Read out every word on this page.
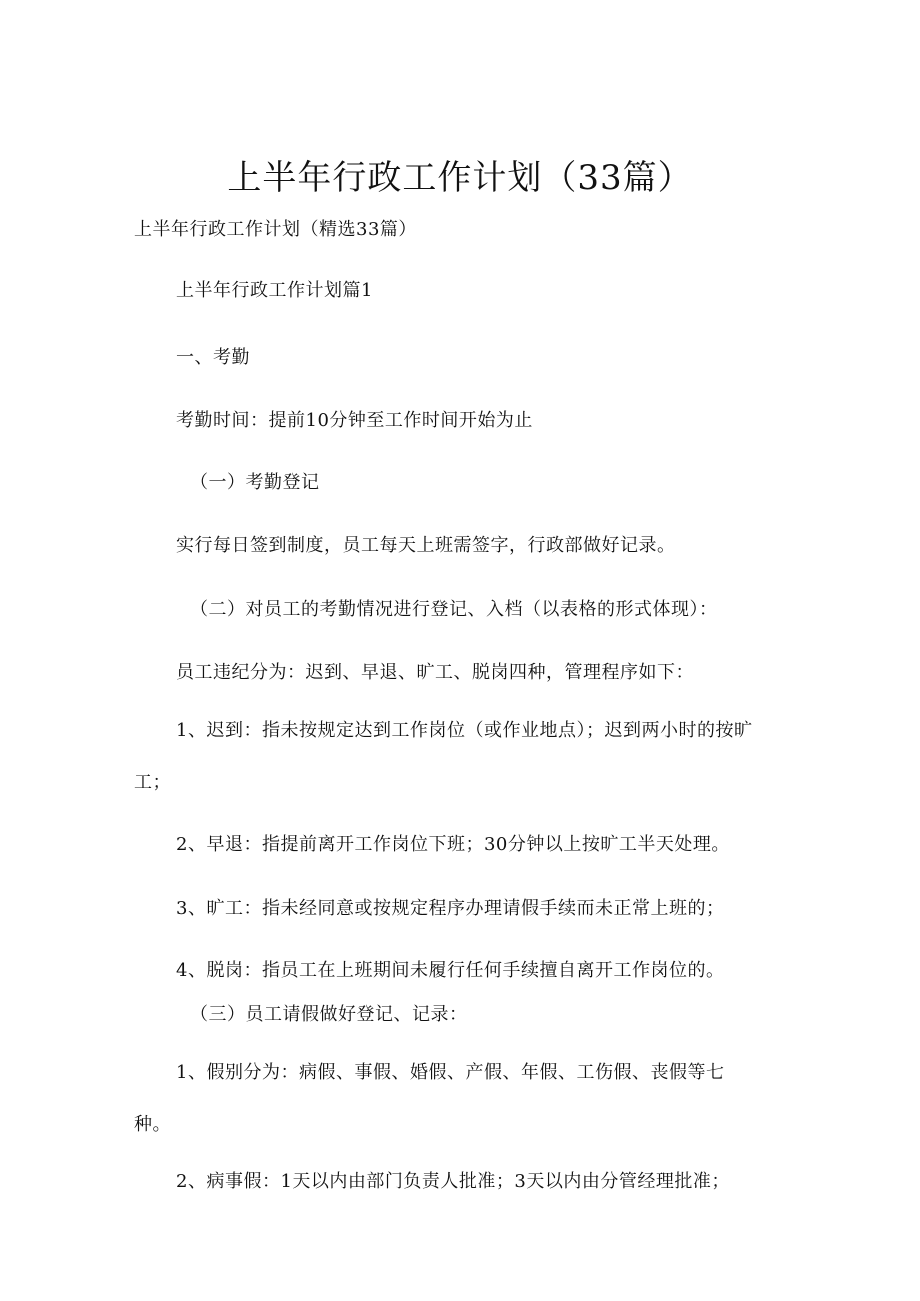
上半年行政工作计划（33篇）
上半年行政工作计划（精选33篇）
上半年行政工作计划篇1
一、考勤
考勤时间：提前10分钟至工作时间开始为止
（一）考勤登记
实行每日签到制度，员工每天上班需签字，行政部做好记录。
（二）对员工的考勤情况进行登记、入档（以表格的形式体现）：
员工违纪分为：迟到、早退、旷工、脱岗四种，管理程序如下：
1、迟到：指未按规定达到工作岗位（或作业地点）；迟到两小时的按旷工；
2、早退：指提前离开工作岗位下班；30分钟以上按旷工半天处理。
3、旷工：指未经同意或按规定程序办理请假手续而未正常上班的；
4、脱岗：指员工在上班期间未履行任何手续擅自离开工作岗位的。
（三）员工请假做好登记、记录：
1、假别分为：病假、事假、婚假、产假、年假、工伤假、丧假等七种。
2、病事假：1天以内由部门负责人批准；3天以内由分管经理批准；
